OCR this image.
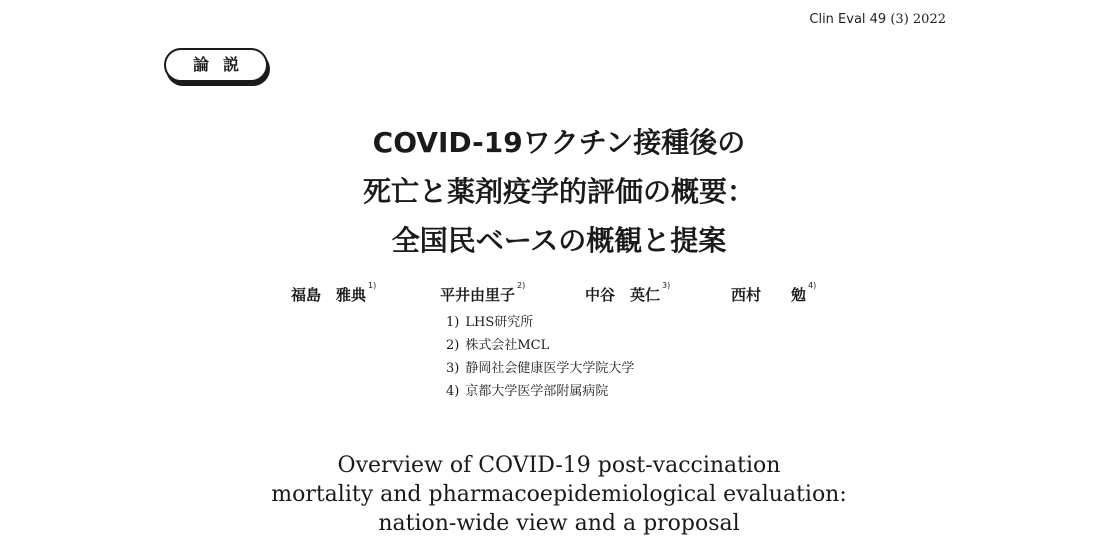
Clin Eval 49 (3) 2022
論説
COVID-19ワクチン接種後の
死亡と薬剤疫学的評価の概要：
全国民ベースの概観と提案
福島　雅典$^{1)}$
平井由里子$^{2)}$
中谷　英仁$^{3)}$
西村　　勉$^{4)}$
1) LHS研究所
2) 株式会社MCL
3) 静岡社会健康医学大学院大学
4) 京都大学医学部附属病院
Overview of COVID-19 post-vaccination
mortality and pharmacoepidemiological evaluation:
nation-wide view and a proposal
